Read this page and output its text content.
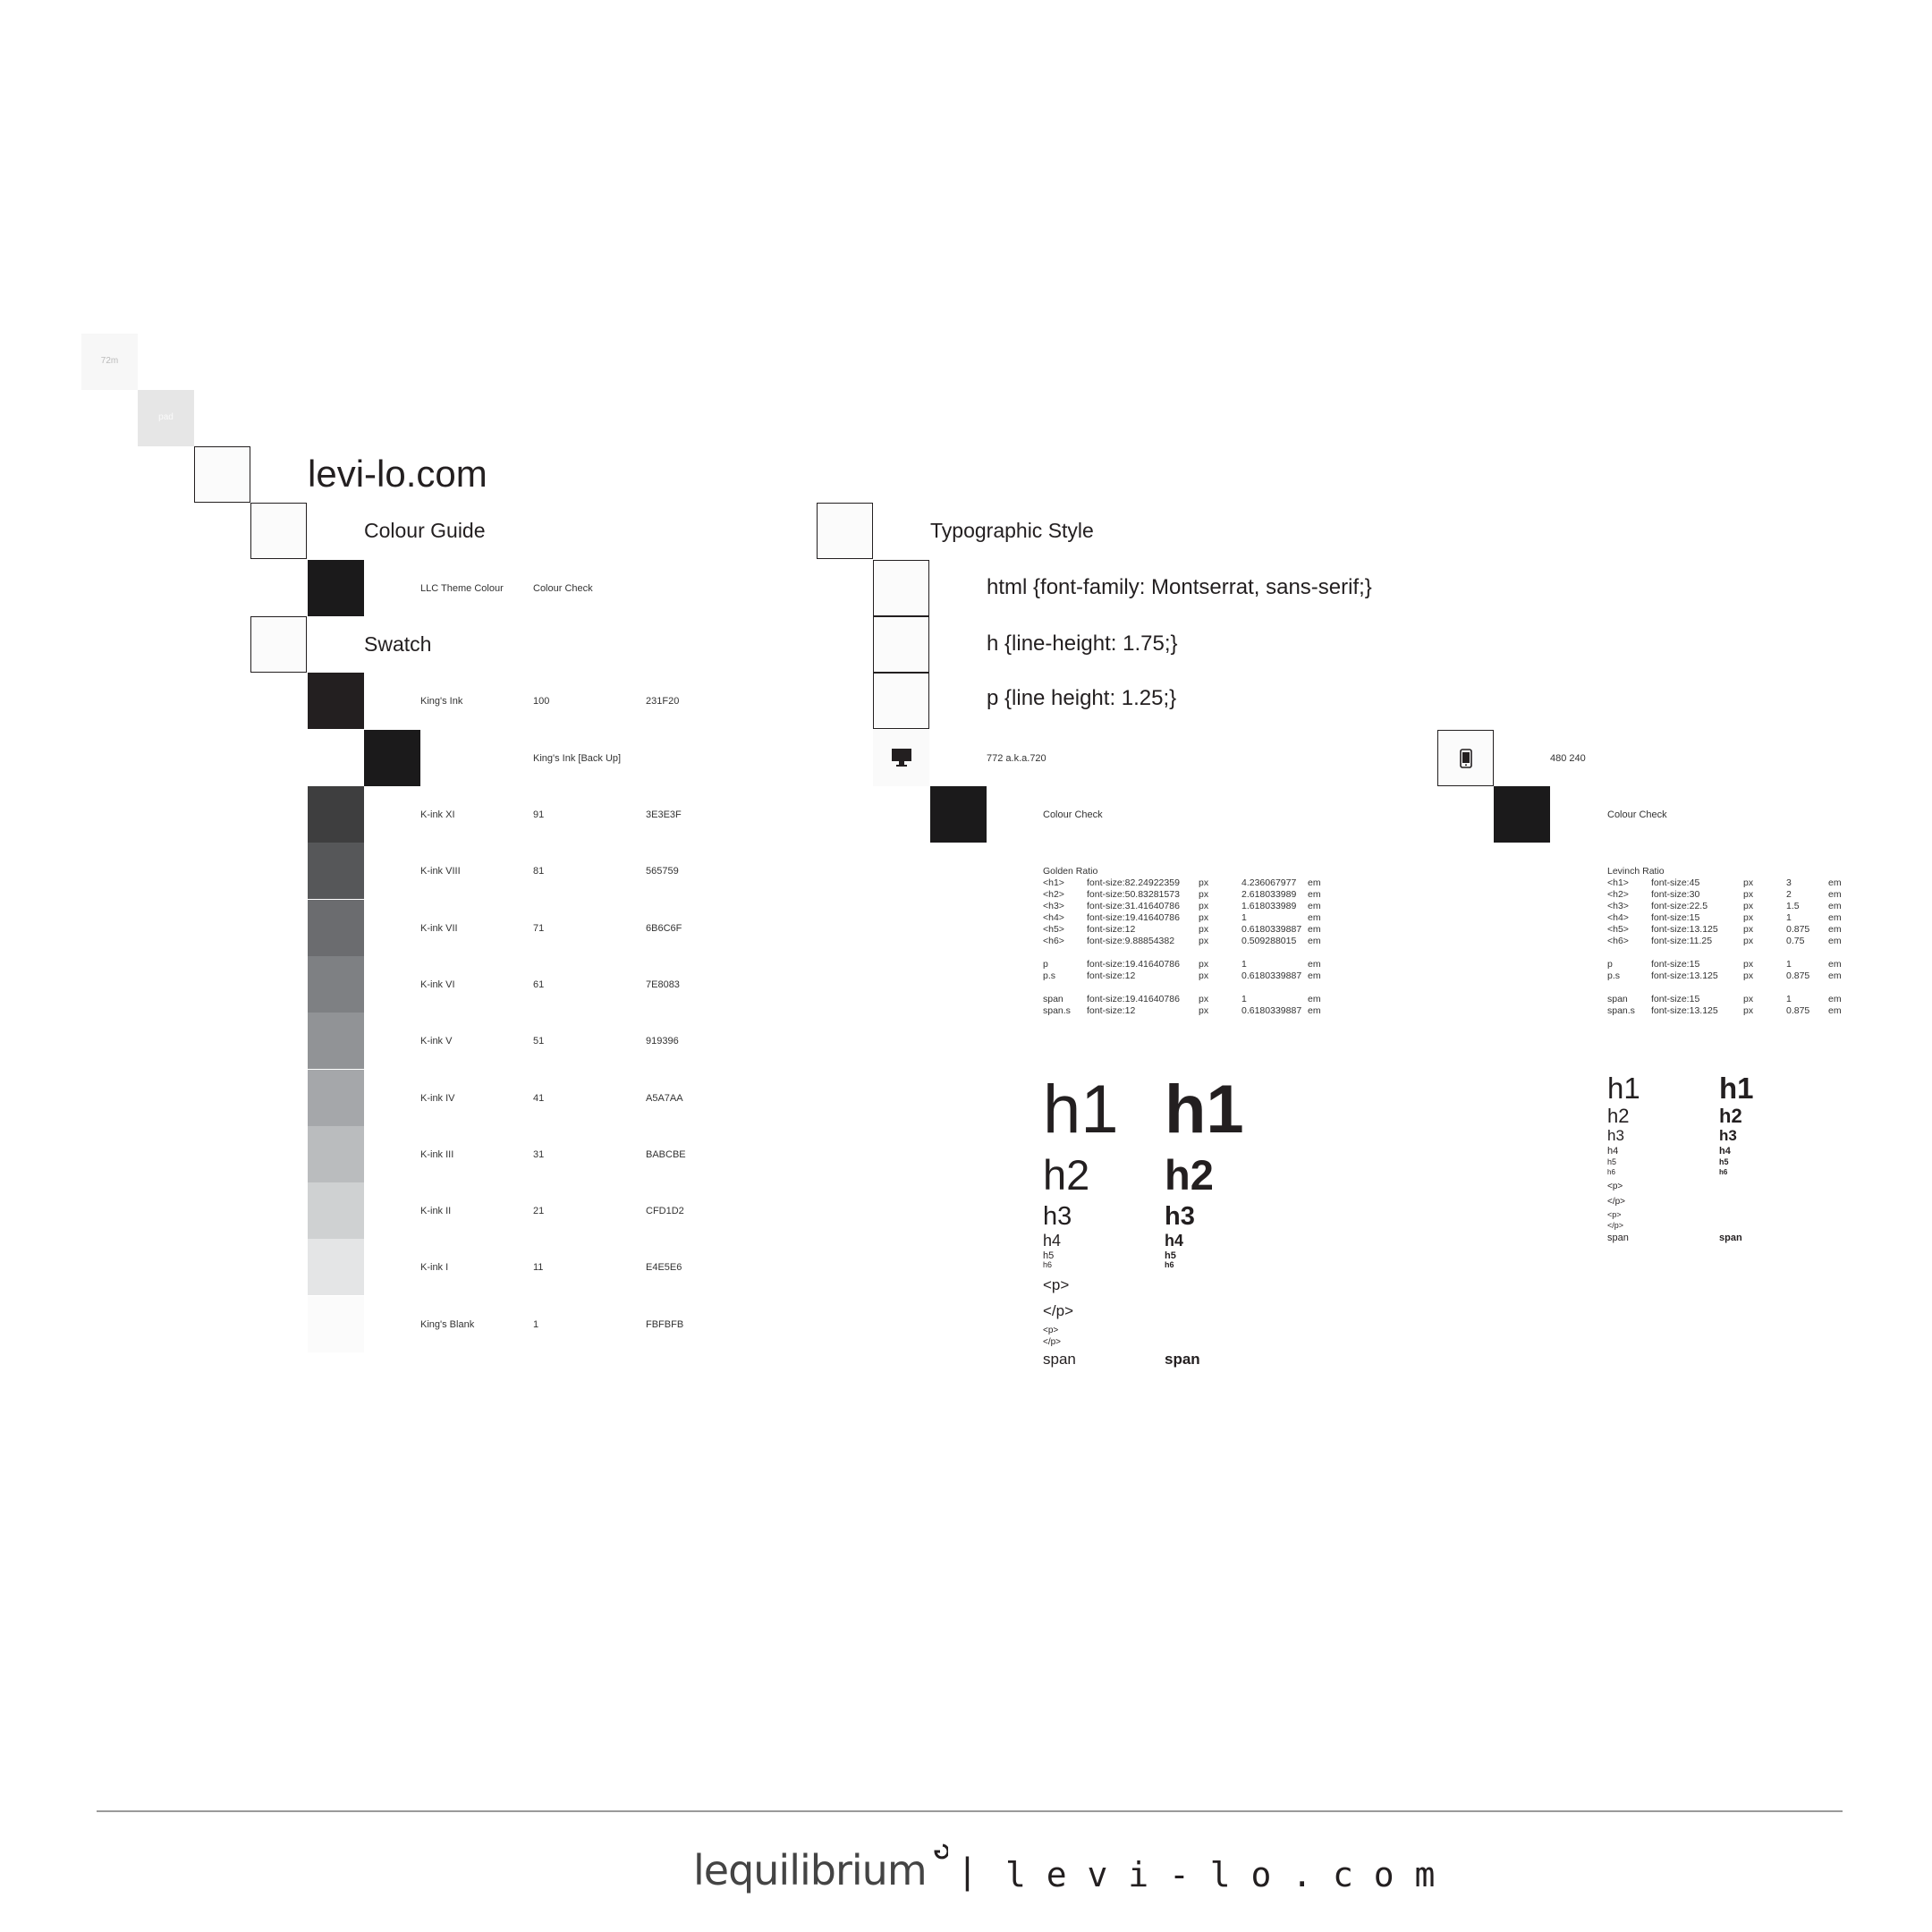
72m
pad
levi-lo.com
Colour Guide
LLC Theme Colour	Colour Check
Swatch
King's Ink	100	231F20
K-ink XI	91	3E3E3F
K-ink VIII	81	565759
K-ink VII	71	6B6C6F
K-ink VI	61	7E8083
K-ink V	51	919396
K-ink IV	41	A5A7AA
K-ink III	31	BABCBE
K-ink II	21	CFD1D2
K-ink I	11	E4E5E6
King's Blank	1	FBFBFB
King's Ink [Back Up]
Typographic Style
html {font-family: Montserrat, sans-serif;}
h {line-height: 1.75;}
p {line height: 1.25;}
772 a.k.a.720
Colour Check
Golden Ratio
<h1> font-size:82.24922359 px	4.236067977 em
<h2> font-size:50.83281573 px	2.618033989 em
<h3> font-size:31.41640786 px	1.618033989 em
<h4> font-size:19.41640786 px	1	em
<h5> font-size:12	px	0.6180339887 em
<h6> font-size:9.88854382	px	0.509288015 em
p	font-size:19.41640786 px	1	em
p.s	font-size:12	px	0.6180339887 em
span font-size:19.41640786 px	1	em
span.s font-size:12	px	0.6180339887 em
h1 h1
h2 h2
h3	h3
h4	h4
h5	h5
h6	h6
<p>
</p>
<p>
</p>
span	span
480 240
Colour Check
Levinch Ratio
<h1> font-size:45	px	3	em
<h2> font-size:30	px	2	em
<h3> font-size:22.5	px	1.5	em
<h4> font-size:15	px	1	em
<h5> font-size:13.125	px	0.875 em
<h6> font-size:11.25	px	0.75	em
p	font-size:15	px	1	em
p.s	font-size:13.125	px	0.875 em
span font-size:15	px	1	em
span.s font-size:13.125	px	0.875 em
h1	h1
h2	h2
h3	h3
h4	h4
h5	h5
h6	h6
<p>
</p>
<p>
</p>
span	span
lequilibrium | l e v i - l o . c o m
